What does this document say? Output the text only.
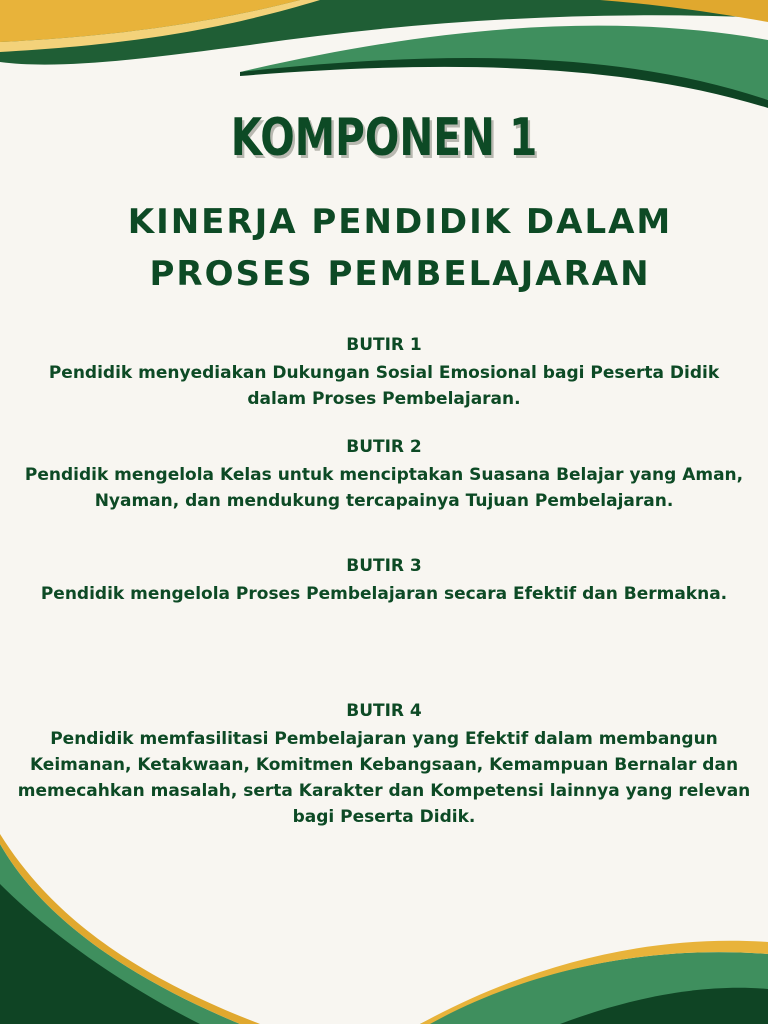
KOMPONEN 1
KINERJA PENDIDIK DALAM
PROSES PEMBELAJARAN
BUTIR 1
Pendidik menyediakan Dukungan Sosial Emosional bagi Peserta Didik dalam Proses Pembelajaran.
BUTIR 2
Pendidik mengelola Kelas untuk menciptakan Suasana Belajar yang Aman, Nyaman, dan mendukung tercapainya Tujuan Pembelajaran.
BUTIR 3
Pendidik mengelola Proses Pembelajaran secara Efektif dan Bermakna.
BUTIR 4
Pendidik memfasilitasi Pembelajaran yang Efektif dalam membangun Keimanan, Ketakwaan, Komitmen Kebangsaan, Kemampuan Bernalar dan memecahkan masalah, serta Karakter dan Kompetensi lainnya yang relevan bagi Peserta Didik.
